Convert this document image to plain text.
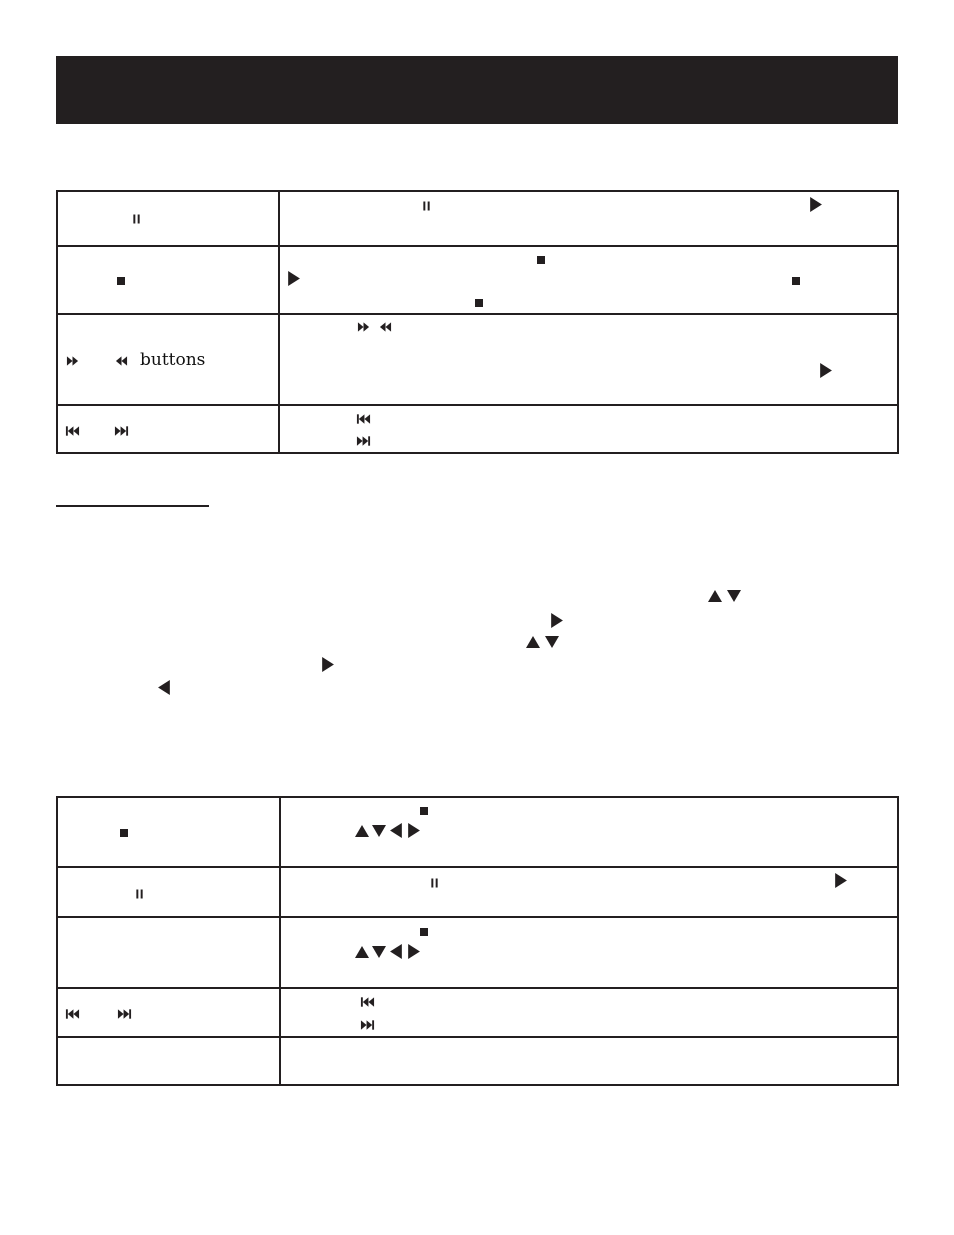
buttons
